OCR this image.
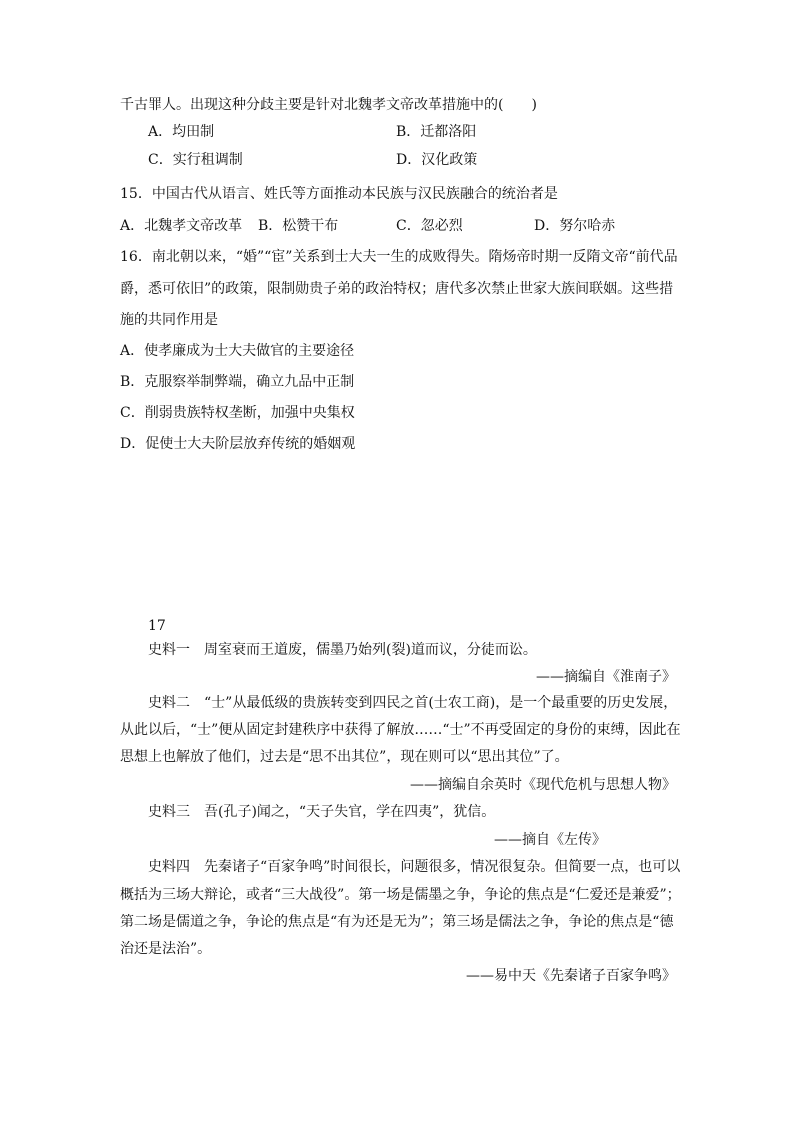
千古罪人。出现这种分歧主要是针对北魏孝文帝改革措施中的(　　)
A．均田制	B．迁都洛阳
C．实行租调制	D．汉化政策
15．中国古代从语言、姓氏等方面推动本民族与汉民族融合的统治者是
A．北魏孝文帝改革 B．松赞干布	C．忽必烈	D．努尔哈赤
16．南北朝以来，“婚”“宦”关系到士大夫一生的成败得失。隋炀帝时期一反隋文帝“前代品
爵，悉可依旧”的政策，限制勋贵子弟的政治特权；唐代多次禁止世家大族间联姻。这些措
施的共同作用是
A．使孝廉成为士大夫做官的主要途径
B．克服察举制弊端，确立九品中正制
C．削弱贵族特权垄断，加强中央集权
D．促使士大夫阶层放弃传统的婚姻观
17
史料一　周室衰而王道废，儒墨乃始列(裂)道而议，分徒而讼。
——摘编自《淮南子》
史料二　“士”从最低级的贵族转变到四民之首(士农工商)，是一个最重要的历史发展，
从此以后，“士”便从固定封建秩序中获得了解放……“士”不再受固定的身份的束缚，因此在
思想上也解放了他们，过去是“思不出其位”，现在则可以“思出其位”了。
——摘编自余英时《现代危机与思想人物》
史料三　吾(孔子)闻之，“天子失官，学在四夷”，犹信。
——摘自《左传》
史料四　先秦诸子“百家争鸣”时间很长，问题很多，情况很复杂。但简要一点，也可以
概括为三场大辩论，或者“三大战役”。第一场是儒墨之争，争论的焦点是“仁爱还是兼爱”；
第二场是儒道之争，争论的焦点是“有为还是无为”；第三场是儒法之争，争论的焦点是“德
治还是法治”。
——易中天《先秦诸子百家争鸣》
